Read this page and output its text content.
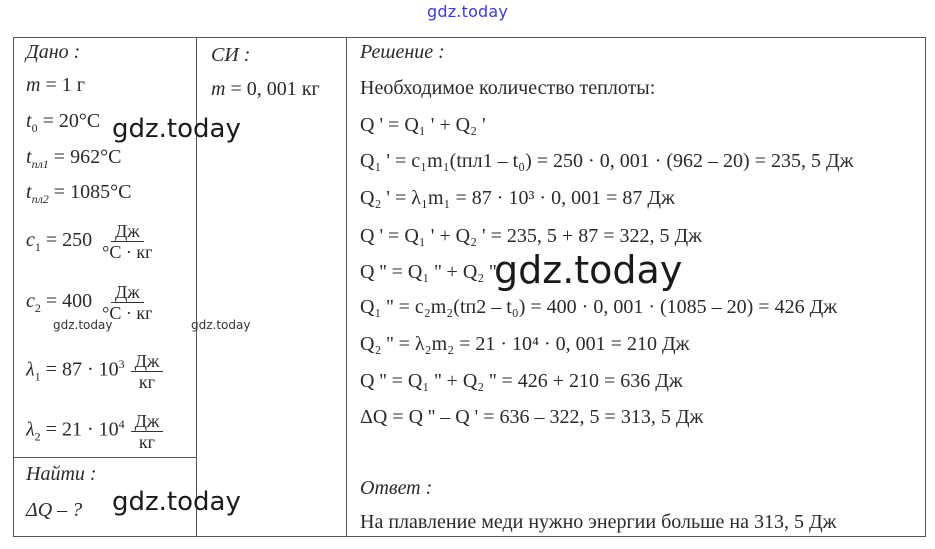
gdz.today
Дано :
m = 1 г
$t_0 = 20^\circ C$
$t_{пл1} = 962^\circ C$
$t_{пл2} = 1085^\circ C$
$c_1 = 250 \frac{Дж}{^\circ C \cdot кг}$
$c_2 = 400 \frac{Дж}{^\circ C \cdot кг}$
$\lambda_1 = 87 \cdot 10^3 \frac{Дж}{кг}$
$\lambda_2 = 21 \cdot 10^4 \frac{Дж}{кг}$
Найти :
ΔQ – ?
СИ :
m = 0, 001 кг
Решение :
Необходимое количество теплоты:
Q ' = Q₁ ' + Q₂ '
Q₁ ' = c₁m₁(tпл1 – t₀) = 250 · 0, 001 · (962 – 20) = 235, 5 Дж
Q₂ ' = λ₁m₁ = 87 · 10³ · 0, 001 = 87 Дж
Q ' = Q₁ ' + Q₂ ' = 235, 5 + 87 = 322, 5 Дж
Q '' = Q₁ '' + Q₂ ''
Q₁ '' = c₂m₂(tп2 – t₀) = 400 · 0, 001 · (1085 – 20) = 426 Дж
Q₂ '' = λ₂m₂ = 21 · 10⁴ · 0, 001 = 210 Дж
Q '' = Q₁ '' + Q₂ '' = 426 + 210 = 636 Дж
ΔQ = Q '' – Q ' = 636 – 322, 5 = 313, 5 Дж
Ответ :
На плавление меди нужно энергии больше на 313, 5 Дж
gdz.today
gdz.today
gdz.today	gdz.today
gdz.today
